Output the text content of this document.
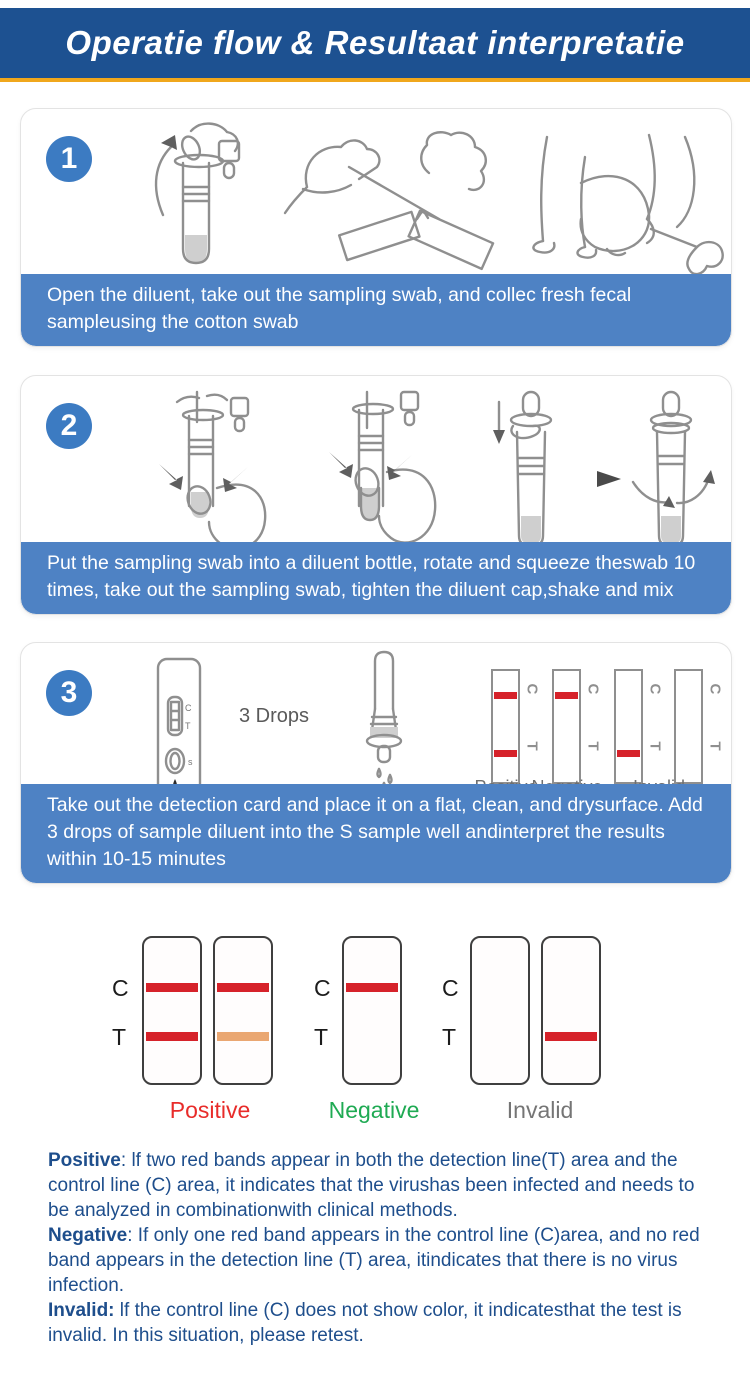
Operatie flow & Resultaat interpretatie
1
Open the diluent, take out the sampling swab, and collec fresh fecal sampleusing the cotton swab
2
Put the sampling swab into a diluent bottle, rotate and squeeze theswab 10 times, take out the sampling swab, tighten the diluent cap,shake and mix
3	C
T
s
3 Drops
C
T
C
T
C
T
C
T
Take out the detection card and place it on a flat, clean, and drysurface. Add 3 drops of sample diluent into the S sample well andinterpret the results within 10-15 minutes
C
T
Positive
C
T
Negative
C
T
Invalid

Positive: lf two red bands appear in both the detection line(T) area and the control line (C) area, it indicates that the virushas been infected and needs to be analyzed in combinationwith clinical methods.

Negative: If only one red band appears in the control line (C)area, and no red band appears in the detection line (T) area, itindicates that there is no virus infection.

Invalid: lf the control line (C) does not show color, it indicatesthat the test is invalid. In this situation, please retest.
